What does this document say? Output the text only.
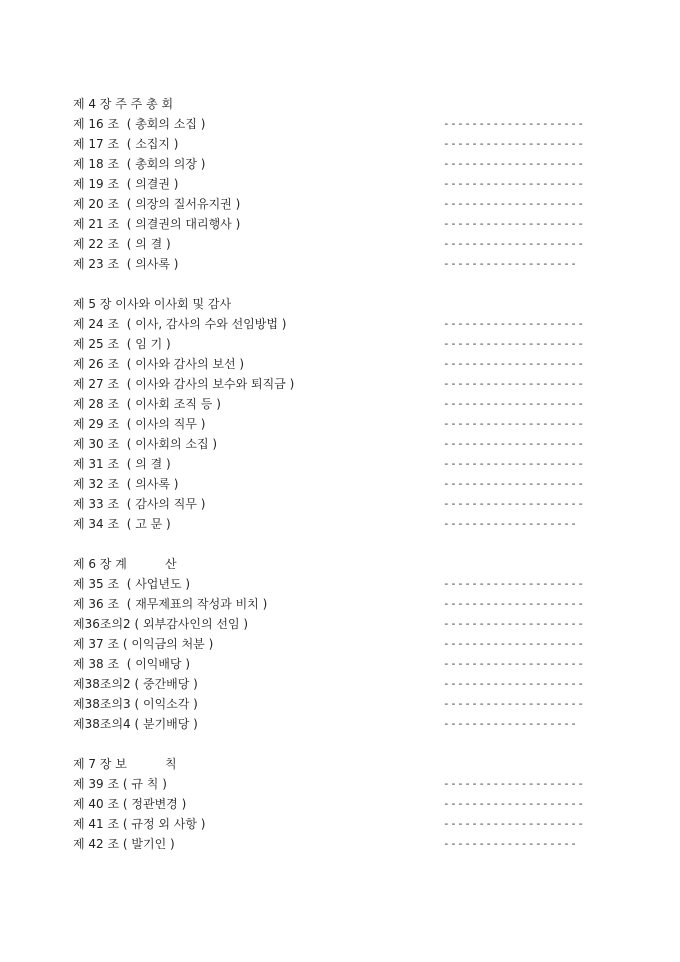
제 4 장 주 주 총 회
제 16 조  ( 총회의 소집 )	--------------------
제 17 조  ( 소집지 )	--------------------
제 18 조  ( 총회의 의장 )	--------------------
제 19 조  ( 의결권 )	--------------------
제 20 조  ( 의장의 질서유지권 )	--------------------
제 21 조  ( 의결권의 대리행사 )	--------------------
제 22 조  ( 의 결 )	--------------------
제 23 조  ( 의사록 )	-------------------
제 5 장 이사와 이사회 및 감사
제 24 조  ( 이사, 감사의 수와 선임방법 )	--------------------
제 25 조  ( 임 기 )	--------------------
제 26 조  ( 이사와 감사의 보선 )	--------------------
제 27 조  ( 이사와 감사의 보수와 퇴직금 )	--------------------
제 28 조  ( 이사회 조직 등 )	--------------------
제 29 조  ( 이사의 직무 )	--------------------
제 30 조  ( 이사회의 소집 )	--------------------
제 31 조  ( 의 결 )	--------------------
제 32 조  ( 의사록 )	--------------------
제 33 조  ( 감사의 직무 )	--------------------
제 34 조  ( 고 문 )	-------------------
제 6 장 계          산
제 35 조  ( 사업년도 )	--------------------
제 36 조  ( 재무제표의 작성과 비치 )	--------------------
제36조의2 ( 외부감사인의 선임 )	--------------------
제 37 조 ( 이익금의 처분 )	--------------------
제 38 조  ( 이익배당 )	--------------------
제38조의2 ( 중간배당 )	--------------------
제38조의3 ( 이익소각 )	--------------------
제38조의4 ( 분기배당 )	-------------------
제 7 장 보          칙
제 39 조 ( 규 칙 )	--------------------
제 40 조 ( 정관변경 )	--------------------
제 41 조 ( 규정 외 사항 )	--------------------
제 42 조 ( 발기인 )	-------------------
